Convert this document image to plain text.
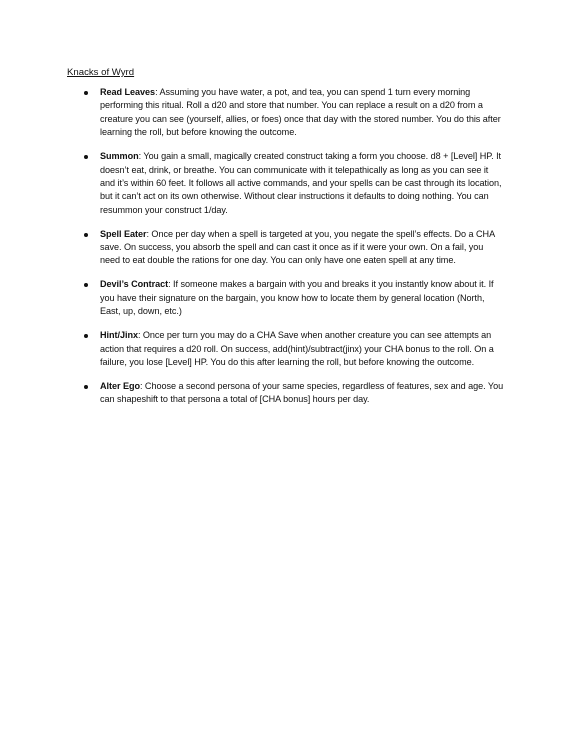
Knacks of Wyrd
Read Leaves: Assuming you have water, a pot, and tea, you can spend 1 turn every morning performing this ritual. Roll a d20 and store that number. You can replace a result on a d20 from a creature you can see (yourself, allies, or foes) once that day with the stored number. You do this after learning the roll, but before knowing the outcome.
Summon: You gain a small, magically created construct taking a form you choose. d8 + [Level] HP. It doesn’t eat, drink, or breathe. You can communicate with it telepathically as long as you can see it and it’s within 60 feet. It follows all active commands, and your spells can be cast through its location, but it can’t act on its own otherwise. Without clear instructions it defaults to doing nothing. You can resummon your construct 1/day.
Spell Eater: Once per day when a spell is targeted at you, you negate the spell’s effects. Do a CHA save. On success, you absorb the spell and can cast it once as if it were your own. On a fail, you need to eat double the rations for one day. You can only have one eaten spell at any time.
Devil’s Contract: If someone makes a bargain with you and breaks it you instantly know about it. If you have their signature on the bargain, you know how to locate them by general location (North, East, up, down, etc.)
Hint/Jinx: Once per turn you may do a CHA Save when another creature you can see attempts an action that requires a d20 roll. On success, add(hint)/subtract(jinx) your CHA bonus to the roll. On a failure, you lose [Level] HP. You do this after learning the roll, but before knowing the outcome.
Alter Ego: Choose a second persona of your same species, regardless of features, sex and age. You can shapeshift to that persona a total of [CHA bonus] hours per day.
